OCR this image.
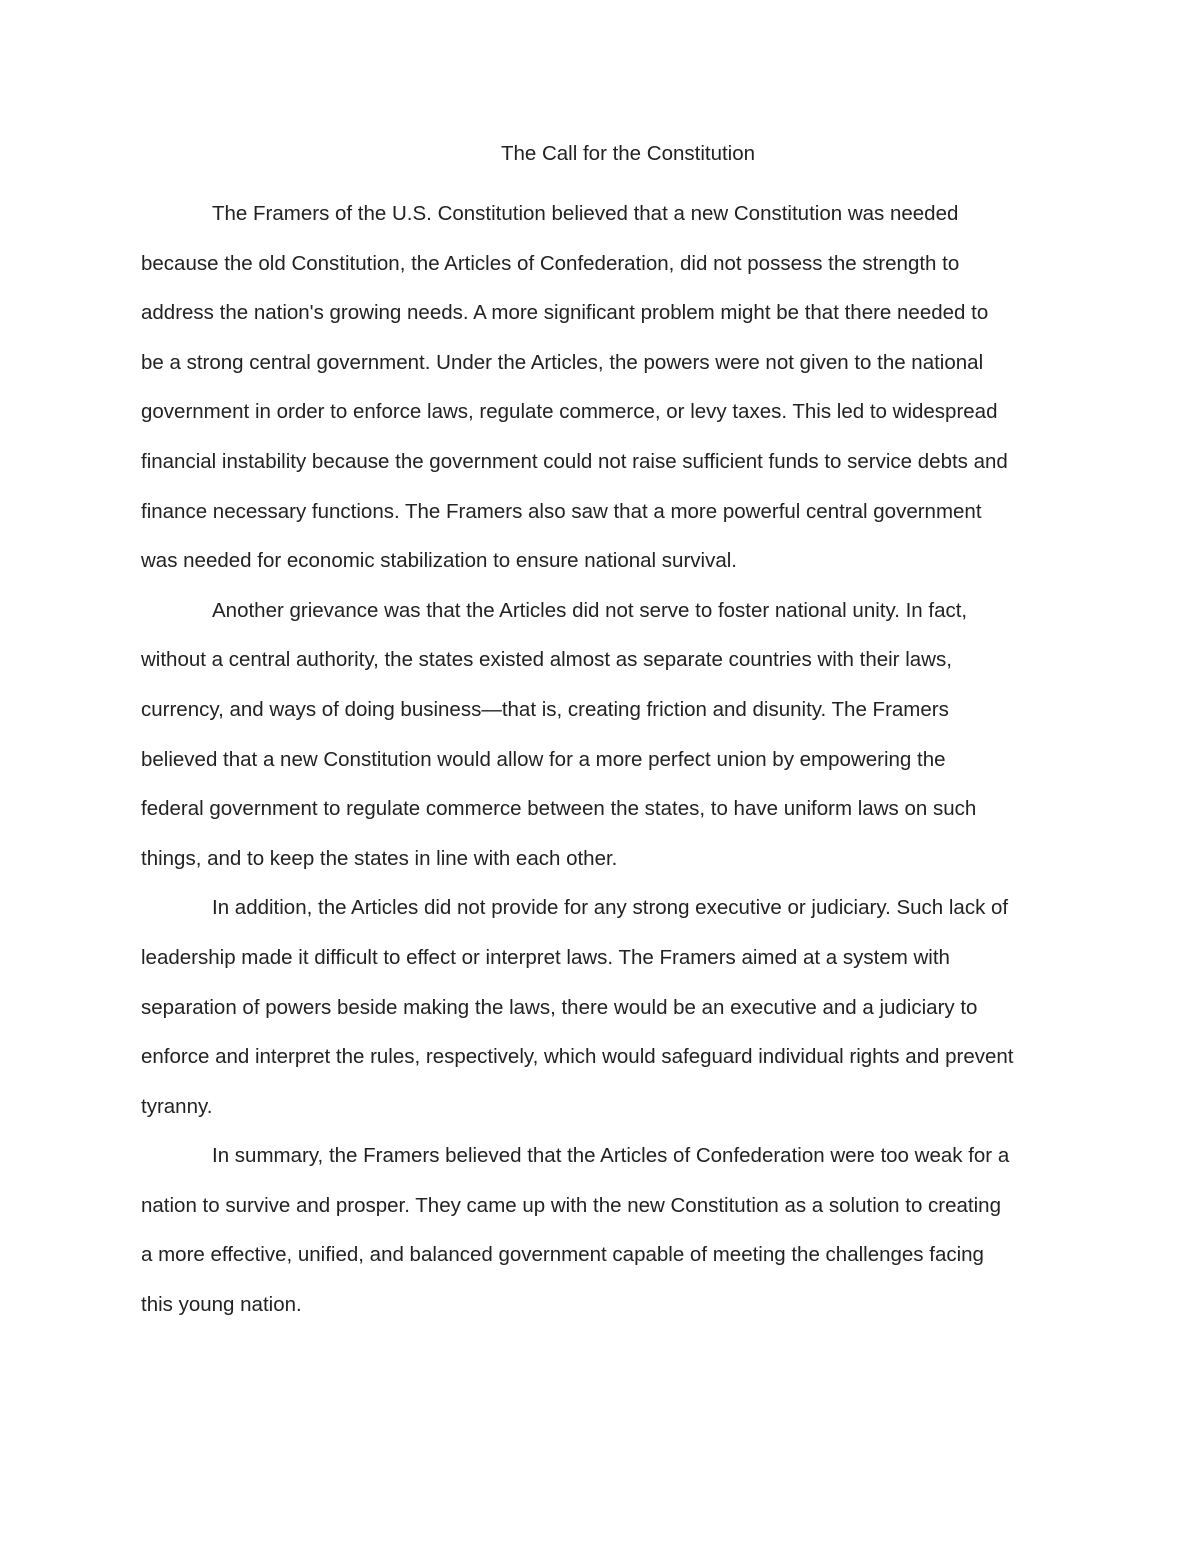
The Call for the Constitution
The Framers of the U.S. Constitution believed that a new Constitution was needed
because the old Constitution, the Articles of Confederation, did not possess the strength to
address the nation's growing needs. A more significant problem might be that there needed to
be a strong central government. Under the Articles, the powers were not given to the national
government in order to enforce laws, regulate commerce, or levy taxes. This led to widespread
financial instability because the government could not raise sufficient funds to service debts and
finance necessary functions. The Framers also saw that a more powerful central government
was needed for economic stabilization to ensure national survival.
Another grievance was that the Articles did not serve to foster national unity. In fact,
without a central authority, the states existed almost as separate countries with their laws,
currency, and ways of doing business—that is, creating friction and disunity. The Framers
believed that a new Constitution would allow for a more perfect union by empowering the
federal government to regulate commerce between the states, to have uniform laws on such
things, and to keep the states in line with each other.
In addition, the Articles did not provide for any strong executive or judiciary. Such lack of
leadership made it difficult to effect or interpret laws. The Framers aimed at a system with
separation of powers beside making the laws, there would be an executive and a judiciary to
enforce and interpret the rules, respectively, which would safeguard individual rights and prevent
tyranny.
In summary, the Framers believed that the Articles of Confederation were too weak for a
nation to survive and prosper. They came up with the new Constitution as a solution to creating
a more effective, unified, and balanced government capable of meeting the challenges facing
this young nation.
